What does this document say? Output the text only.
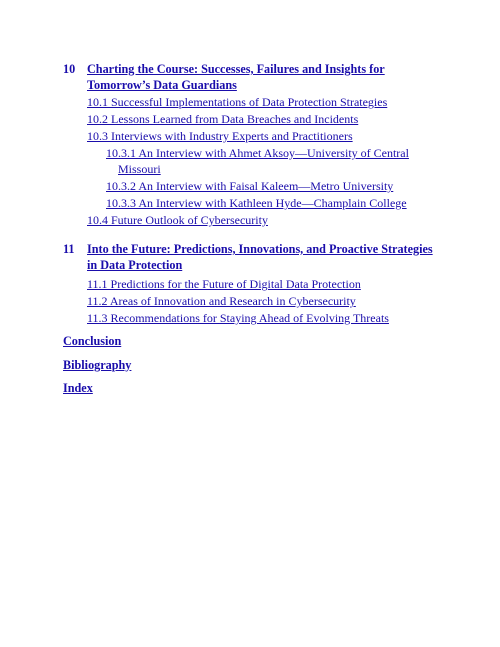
10 Charting the Course: Successes, Failures and Insights for
Tomorrow’s Data Guardians
10.1 Successful Implementations of Data Protection Strategies
10.2 Lessons Learned from Data Breaches and Incidents
10.3 Interviews with Industry Experts and Practitioners
10.3.1 An Interview with Ahmet Aksoy—University of Central
Missouri
10.3.2 An Interview with Faisal Kaleem—Metro University
10.3.3 An Interview with Kathleen Hyde—Champlain College
10.4 Future Outlook of Cybersecurity
11 Into the Future: Predictions, Innovations, and Proactive Strategies
in Data Protection
11.1 Predictions for the Future of Digital Data Protection
11.2 Areas of Innovation and Research in Cybersecurity
11.3 Recommendations for Staying Ahead of Evolving Threats
Conclusion
Bibliography
Index
